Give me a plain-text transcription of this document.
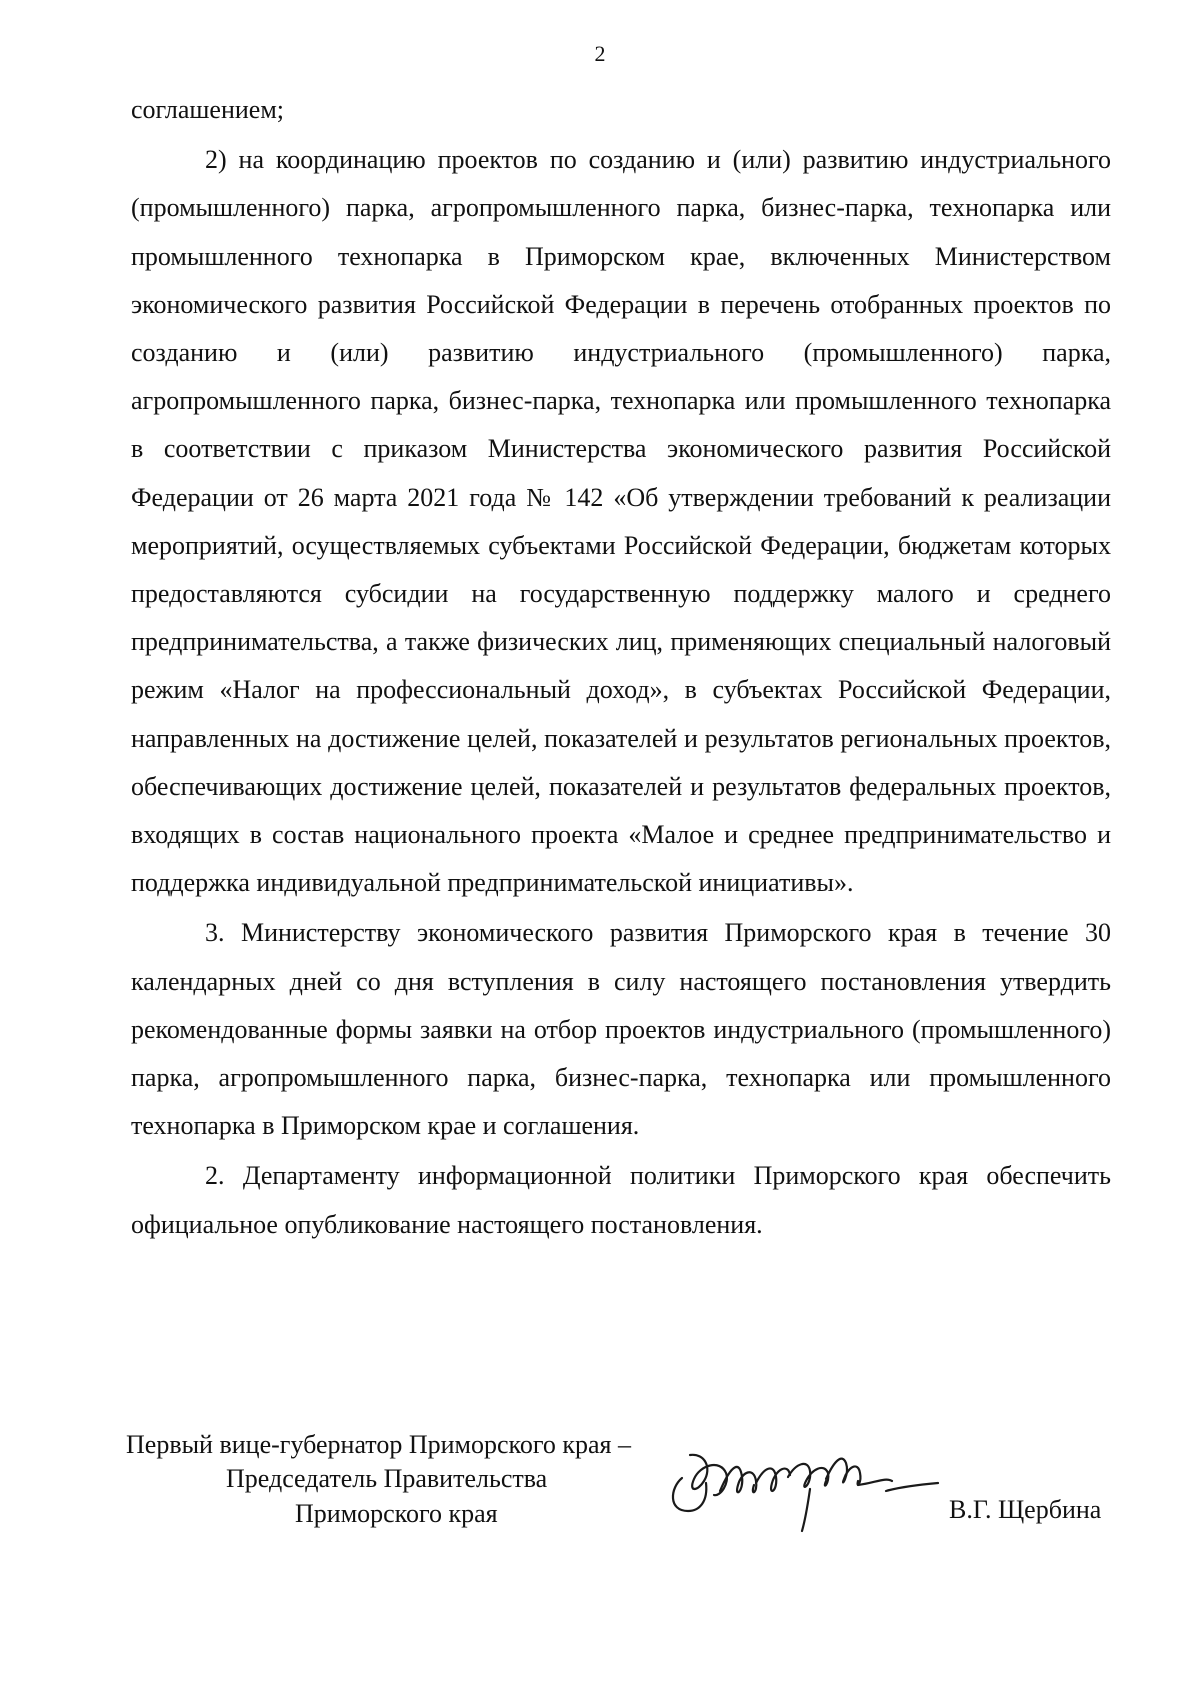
2

соглашением;

2) на координацию проектов по созданию и (или) развитию индустриального (промышленного) парка, агропромышленного парка, бизнес-парка, технопарка или промышленного технопарка в Приморском крае, включенных Министерством экономического развития Российской Федерации в перечень отобранных проектов по созданию и (или) развитию индустриального (промышленного) парка, агропромышленного парка, бизнес-парка, технопарка или промышленного технопарка в соответствии с приказом Министерства экономического развития Российской Федерации от 26 марта 2021 года № 142 «Об утверждении требований к реализации мероприятий, осуществляемых субъектами Российской Федерации, бюджетам которых предоставляются субсидии на государственную поддержку малого и среднего предпринимательства, а также физических лиц, применяющих специальный налоговый режим «Налог на профессиональный доход», в субъектах Российской Федерации, направленных на достижение целей, показателей и результатов региональных проектов, обеспечивающих достижение целей, показателей и результатов федеральных проектов, входящих в состав национального проекта «Малое и среднее предпринимательство и поддержка индивидуальной предпринимательской инициативы».

3. Министерству экономического развития Приморского края в течение 30 календарных дней со дня вступления в силу настоящего постановления утвердить рекомендованные формы заявки на отбор проектов индустриального (промышленного) парка, агропромышленного парка, бизнес-парка, технопарка или промышленного технопарка в Приморском крае и соглашения.

2. Департаменту информационной политики Приморского края обеспечить официальное опубликование настоящего постановления.

Первый вице-губернатор Приморского края –
Председатель Правительства
Приморского края	В.Г. Щербина
